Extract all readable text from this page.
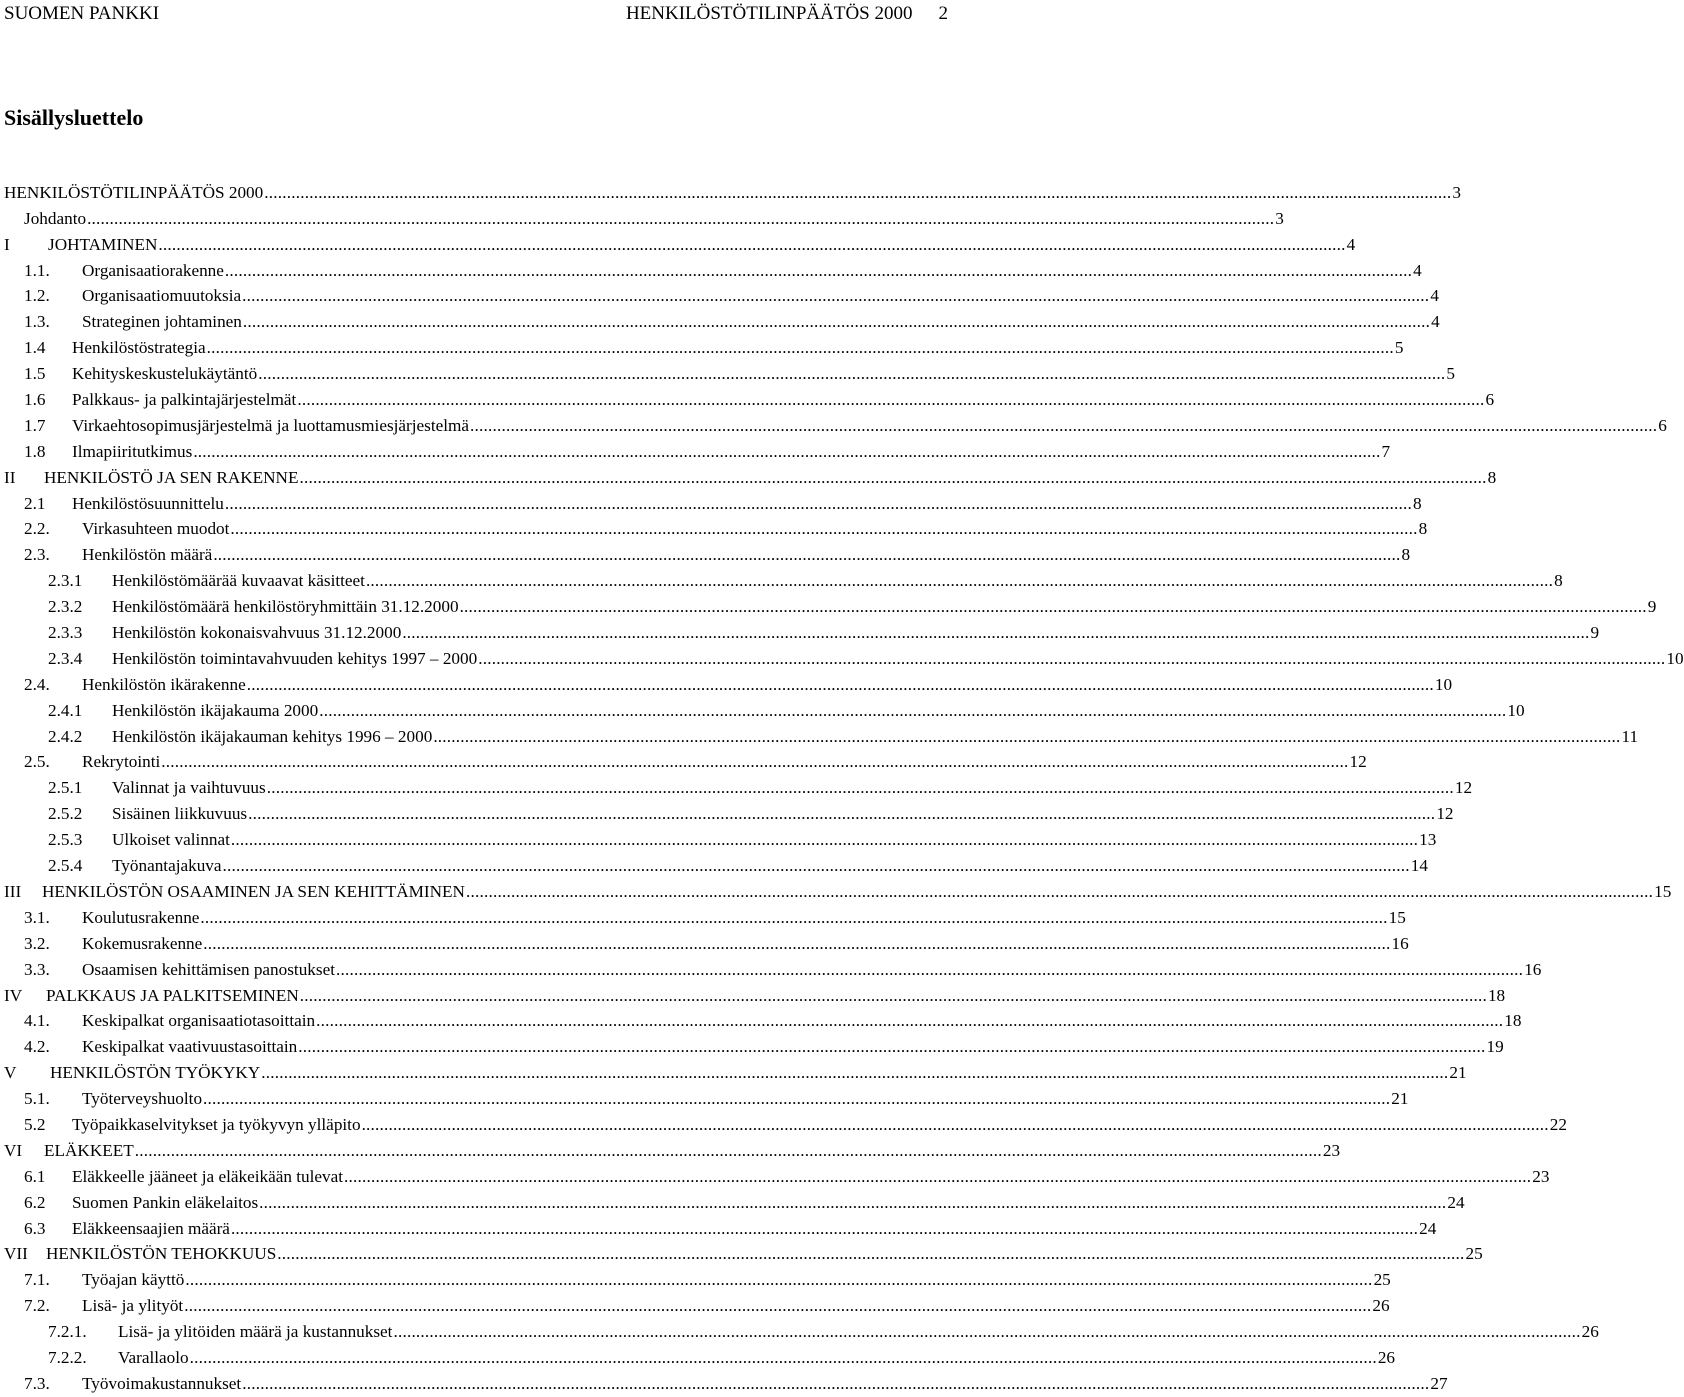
SUOMEN PANKKI	HENKILÖSTÖTILINPÄÄTÖS 2000 2
Sisällysluettelo
HENKILÖSTÖTILINPÄÄTÖS 2000 .....	3
Johdanto .....	3
I JOHTAMINEN .....	4
1.1. Organisaatiorakenne .....	4
1.2. Organisaatiomuutoksia .....	4
1.3. Strateginen johtaminen .....	4
1.4 Henkilöstöstrategia .....	5
1.5 Kehityskeskustelukäytäntö .....	5
1.6 Palkkaus- ja palkintajärjestelmät .....	6
1.7 Virkaehtosopimusjärjestelmä ja luottamusmiesjärjestelmä .....	6
1.8 Ilmapiiritutkimus .....	7
II HENKILÖSTÖ JA SEN RAKENNE .....	8
2.1 Henkilöstösuunnittelu .....	8
2.2. Virkasuhteen muodot .....	8
2.3. Henkilöstön määrä .....	8
2.3.1 Henkilöstömäärää kuvaavat käsitteet .....	8
2.3.2 Henkilöstömäärä henkilöstöryhmittäin 31.12.2000 .....	9
2.3.3 Henkilöstön kokonaisvahvuus 31.12.2000 .....	9
2.3.4 Henkilöstön toimintavahvuuden kehitys 1997 – 2000 .....	10
2.4. Henkilöstön ikärakenne .....	10
2.4.1 Henkilöstön ikäjakauma 2000 .....	10
2.4.2 Henkilöstön ikäjakauman kehitys 1996 – 2000 .....	11
2.5. Rekrytointi .....	12
2.5.1 Valinnat ja vaihtuvuus .....	12
2.5.2 Sisäinen liikkuvuus .....	12
2.5.3 Ulkoiset valinnat .....	13
2.5.4 Työnantajakuva .....	14
III HENKILÖSTÖN OSAAMINEN JA SEN KEHITTÄMINEN .....	15
3.1. Koulutusrakenne .....	15
3.2. Kokemusrakenne .....	16
3.3. Osaamisen kehittämisen panostukset .....	16
IV PALKKAUS JA PALKITSEMINEN .....	18
4.1. Keskipalkat organisaatiotasoittain .....	18
4.2. Keskipalkat vaativuustasoittain .....	19
V HENKILÖSTÖN TYÖKYKY .....	21
5.1. Työterveyshuolto .....	21
5.2 Työpaikkaselvitykset ja työkyvyn ylläpito .....	22
VI ELÄKKEET .....	23
6.1 Eläkkeelle jääneet ja eläkeikään tulevat .....	23
6.2 Suomen Pankin eläkelaitos .....	24
6.3 Eläkkeensaajien määrä .....	24
VII HENKILÖSTÖN TEHOKKUUS .....	25
7.1. Työajan käyttö .....	25
7.2. Lisä- ja ylityöt .....	26
7.2.1. Lisä- ja ylitöiden määrä ja kustannukset .....	26
7.2.2. Varallaolo .....	26
7.3. Työvoimakustannukset .....	27
